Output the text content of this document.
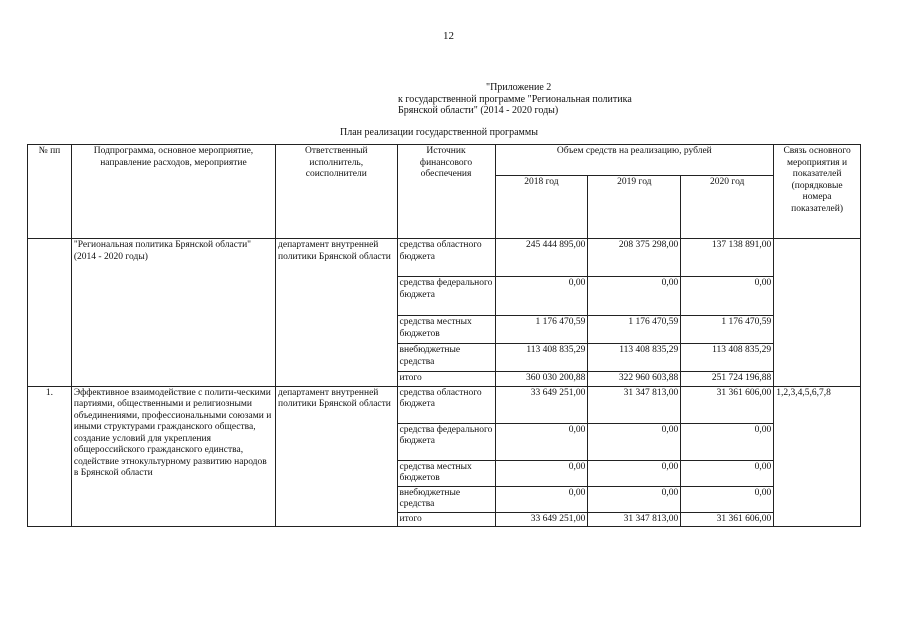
12
"Приложение 2
к государственной программе "Региональная политика
Брянской области" (2014 - 2020 годы)
План реализации государственной программы
№ пп	Подпрограмма, основное мероприятие, направление расходов, мероприятие	Ответственный исполнитель, соисполнители	Источник финансового обеспечения	Объем средств на реализацию, рублей			Связь основного мероприятия и показателей (порядковые номера показателей)
				2018 год	2019 год	2020 год	
	"Региональная политика Брянской области" (2014 - 2020 годы)	департамент внутренней политики Брянской области	средства областного бюджета	245 444 895,00	208 375 298,00	137 138 891,00	
			средства федерального бюджета	0,00	0,00	0,00	
			средства местных бюджетов	1 176 470,59	1 176 470,59	1 176 470,59	
			внебюджетные средства	113 408 835,29	113 408 835,29	113 408 835,29	
			итого	360 030 200,88	322 960 603,88	251 724 196,88	
1.	Эффективное взаимодействие с полити-ческими партиями, общественными и религиозными объединениями, профессиональными союзами и иными структурами гражданского общества, создание условий для укрепления общероссийского гражданского единства, содействие этнокультурному развитию народов в Брянской области	департамент внутренней политики Брянской области	средства областного бюджета	33 649 251,00	31 347 813,00	31 361 606,00	1,2,3,4,5,6,7,8
			средства федерального бюджета	0,00	0,00	0,00	
			средства местных бюджетов	0,00	0,00	0,00	
			внебюджетные средства	0,00	0,00	0,00	
			итого	33 649 251,00	31 347 813,00	31 361 606,00	
